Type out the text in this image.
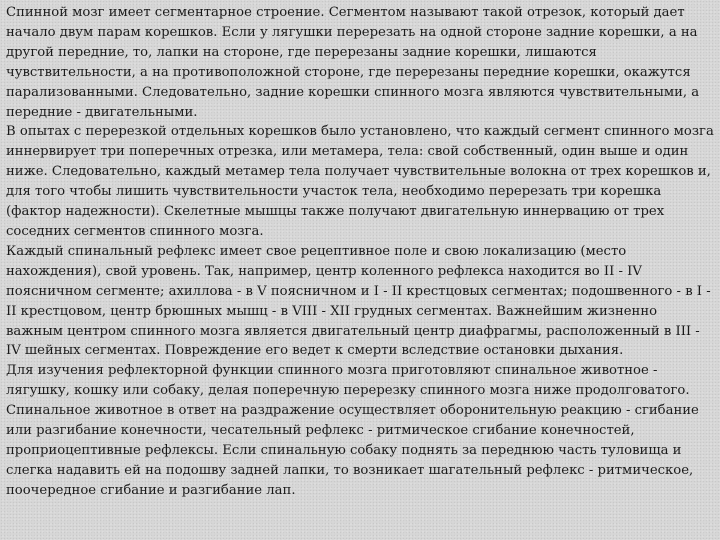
Спинной мозг имеет сегментарное строение. Сегментом называют такой отрезок, который дает начало двум парам корешков. Если у лягушки перерезать на одной стороне задние корешки, а на другой передние, то, лапки на стороне, где перерезаны задние корешки, лишаются чувствительности, а на противоположной стороне, где перерезаны передние корешки, окажутся парализованными. Следовательно, задние корешки спинного мозга являются чувствительными, а передние - двигательными.

В опытах с перерезкой отдельных корешков было установлено, что каждый сегмент спинного мозга иннервирует три поперечных отрезка, или метамера, тела: свой собственный, один выше и один ниже. Следовательно, каждый метамер тела получает чувствительные волокна от трех корешков и, для того чтобы лишить чувствительности участок тела, необходимо перерезать три корешка (фактор надежности). Скелетные мышцы также получают двигательную иннервацию от трех соседних сегментов спинного мозга.

Каждый спинальный рефлекс имеет свое рецептивное поле и свою локализацию (место нахождения), свой уровень. Так, например, центр коленного рефлекса находится во II - IV поясничном сегменте; ахиллова - в V поясничном и I - II крестцовых сегментах; подошвенного - в I - II крестцовом, центр брюшных мышц - в VIII - XII грудных сегментах. Важнейшим жизненно важным центром спинного мозга является двигательный центр диафрагмы, расположенный в III - IV шейных сегментах. Повреждение его ведет к смерти вследствие остановки дыхания.

Для изучения рефлекторной функции спинного мозга приготовляют спинальное животное - лягушку, кошку или собаку, делая поперечную перерезку спинного мозга ниже продолговатого. Спинальное животное в ответ на раздражение осуществляет оборонительную реакцию - сгибание или разгибание конечности, чесательный рефлекс - ритмическое сгибание конечностей, проприоцептивные рефлексы. Если спинальную собаку поднять за переднюю часть туловища и слегка надавить ей на подошву задней лапки, то возникает шагательный рефлекс - ритмическое, поочередное сгибание и разгибание лап.
